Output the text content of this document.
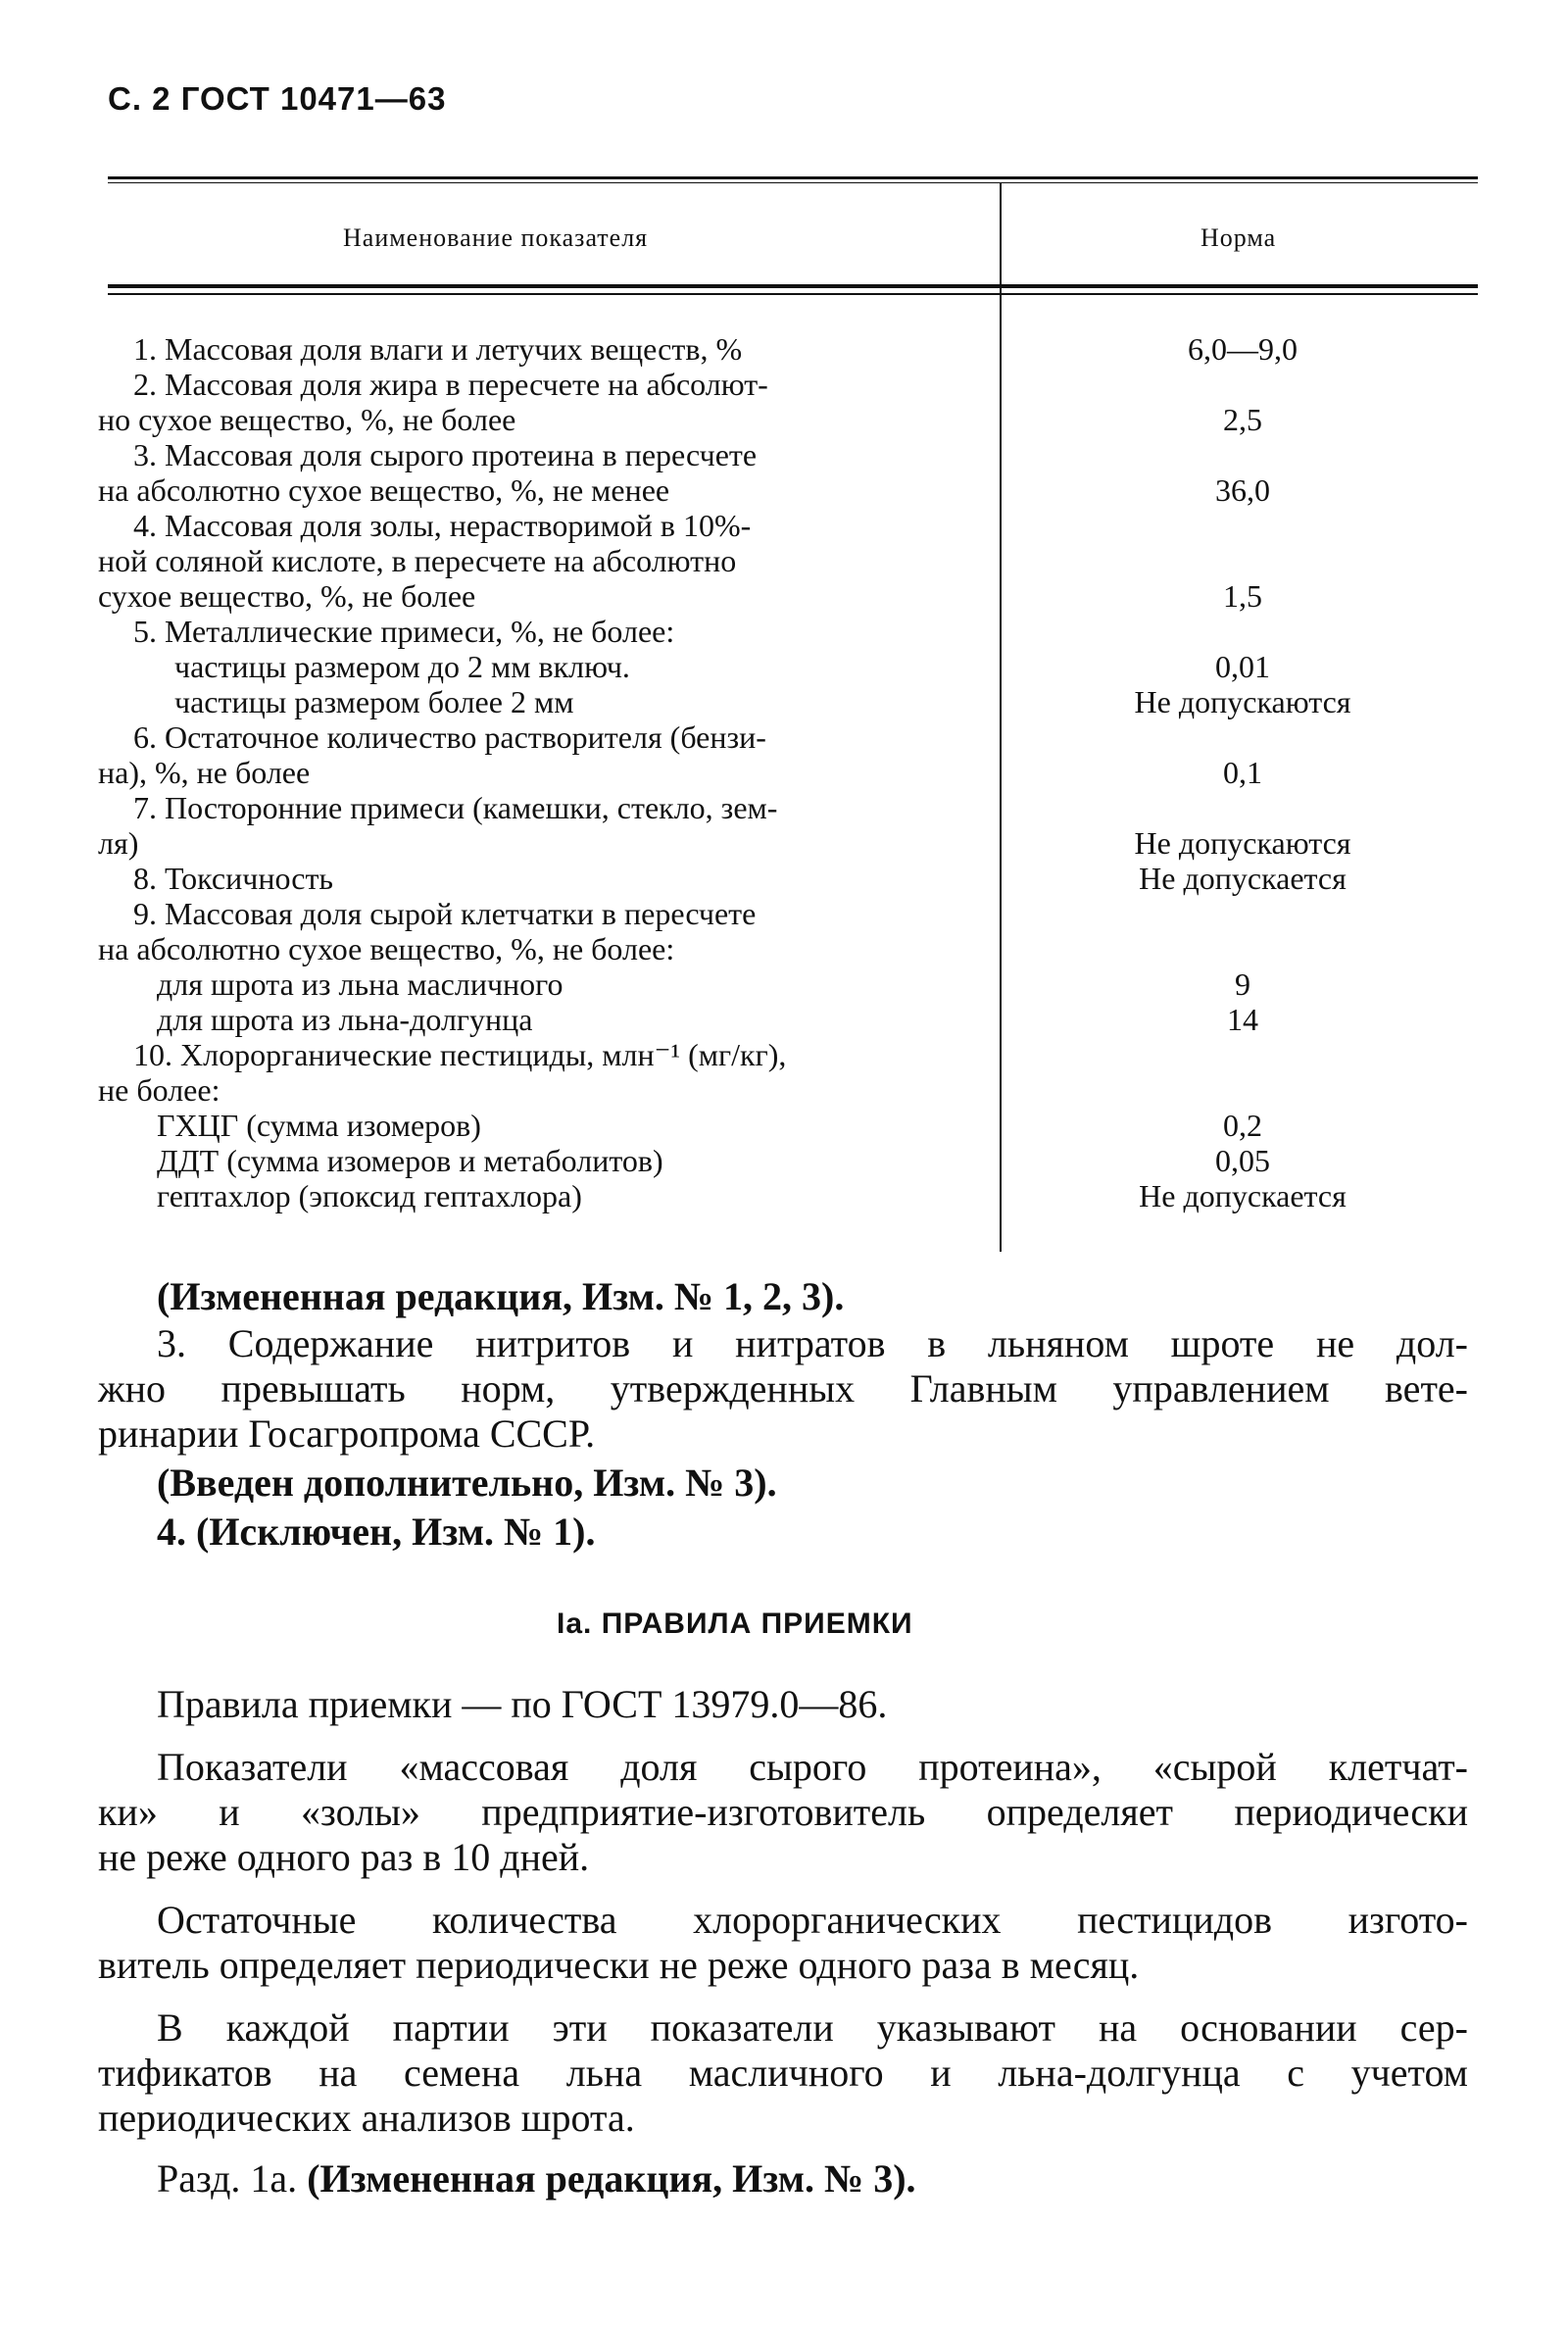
С. 2 ГОСТ 10471—63
Наименование показателя	Норма
1. Массовая доля влаги и летучих веществ, %
2. Массовая доля жира в пересчете на абсолют-
но сухое вещество, %, не более
3. Массовая доля сырого протеина в пересчете
на абсолютно сухое вещество, %, не менее
4. Массовая доля золы, нерастворимой в 10%-
ной соляной кислоте, в пересчете на абсолютно
сухое вещество, %, не более
5. Металлические примеси, %, не более:
частицы размером до 2 мм включ.
частицы размером более 2 мм
6. Остаточное количество растворителя (бензи-
на), %, не более
7. Посторонние примеси (камешки, стекло, зем-
ля)
8. Токсичность
9. Массовая доля сырой клетчатки в пересчете
на абсолютно сухое вещество, %, не более:
для шрота из льна масличного
для шрота из льна-долгунца
10. Хлорорганические пестициды, млн⁻¹ (мг/кг),
не более:
ГХЦГ (сумма изомеров)
ДДТ (сумма изомеров и метаболитов)
гептахлор (эпоксид гептахлора)
6,0—9,0
2,5
36,0
1,5
0,01
Не допускаются
0,1
Не допускаются
Не допускается
9
14
0,2
0,05
Не допускается
(Измененная редакция, Изм. № 1, 2, 3).
3. Содержание нитритов и нитратов в льняном шроте не дол-
жно превышать норм, утвержденных Главным управлением вете-
ринарии Госагропрома СССР.
(Введен дополнительно, Изм. № 3).
4. (Исключен, Изм. № 1).
Iа. ПРАВИЛА ПРИЕМКИ
Правила приемки — по ГОСТ 13979.0—86.
Показатели «массовая доля сырого протеина», «сырой клетчат-
ки» и «золы» предприятие-изготовитель определяет периодически
не реже одного раз в 10 дней.
Остаточные количества хлорорганических пестицидов изгото-
витель определяет периодически не реже одного раза в месяц.
В каждой партии эти показатели указывают на основании сер-
тификатов на семена льна масличного и льна-долгунца с учетом
периодических анализов шрота.
Разд. 1а. (Измененная редакция, Изм. № 3).
